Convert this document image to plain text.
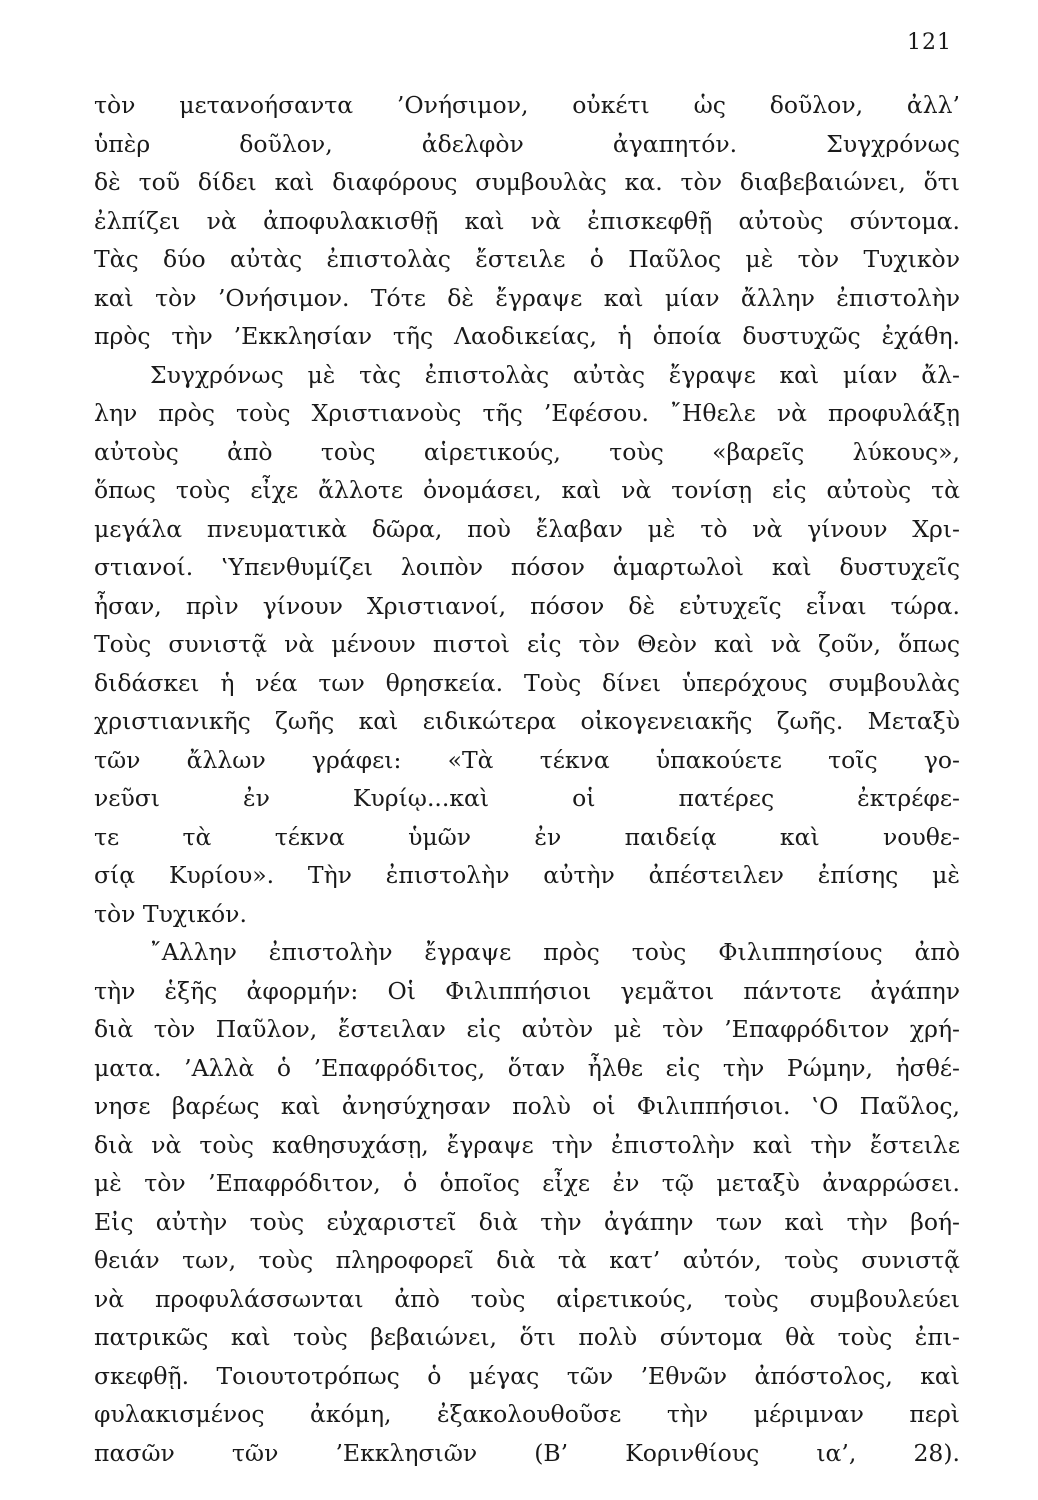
121
τὸν μετανοήσαντα ’Ονήσιμον, οὐκέτι ὡς δοῦλον, ἀλλ’
ὑπὲρ δοῦλον, ἀδελφὸν ἀγαπητόν. Συγχρόνως
δὲ τοῦ δίδει καὶ διαφόρους συμβουλὰς κα. τὸν διαβεβαιώνει, ὅτι
ἐλπίζει νὰ ἀποφυλακισθῇ καὶ νὰ ἐπισκεφθῇ αὐτοὺς σύντομα.
Τὰς δύο αὐτὰς ἐπιστολὰς ἔστειλε ὁ Παῦλος μὲ τὸν Τυχικὸν
καὶ τὸν ’Ονήσιμον. Τότε δὲ ἔγραψε καὶ μίαν ἄλλην ἐπιστολὴν
πρὸς τὴν ’Εκκλησίαν τῆς Λαοδικείας, ἡ ὁποία δυστυχῶς ἐχάθη.
Συγχρόνως μὲ τὰς ἐπιστολὰς αὐτὰς ἔγραψε καὶ μίαν ἄλ-
λην πρὸς τοὺς Χριστιανοὺς τῆς ’Εφέσου. ῎Ηθελε νὰ προφυλάξῃ
αὐτοὺς ἀπὸ τοὺς αἱρετικούς, τοὺς «βαρεῖς λύκους»,
ὅπως τοὺς εἶχε ἄλλοτε ὀνομάσει, καὶ νὰ τονίσῃ εἰς αὐτοὺς τὰ
μεγάλα πνευματικὰ δῶρα, ποὺ ἔλαβαν μὲ τὸ νὰ γίνουν Χρι-
στιανοί. ‛Υπενθυμίζει λοιπὸν πόσον ἁμαρτωλοὶ καὶ δυστυχεῖς
ἦσαν, πρὶν γίνουν Χριστιανοί, πόσον δὲ εὐτυχεῖς εἶναι τώρα.
Τοὺς συνιστᾷ νὰ μένουν πιστοὶ εἰς τὸν Θεὸν καὶ νὰ ζοῦν, ὅπως
διδάσκει ἡ νέα των θρησκεία. Τοὺς δίνει ὑπερόχους συμβουλὰς
χριστιανικῆς ζωῆς καὶ ειδικώτερα οἰκογενειακῆς ζωῆς. Μεταξὺ
τῶν ἄλλων γράφει: «Τὰ τέκνα ὑπακούετε τοῖς γο-
νεῦσι ἐν Κυρίῳ...καὶ οἱ πατέρες ἐκτρέφε-
τε τὰ τέκνα ὑμῶν ἐν παιδείᾳ καὶ νουθε-
σίᾳ Κυρίου». Τὴν ἐπιστολὴν αὐτὴν ἀπέστειλεν ἐπίσης μὲ
τὸν Τυχικόν.
῎Αλλην ἐπιστολὴν ἔγραψε πρὸς τοὺς Φιλιππησίους ἀπὸ
τὴν ἑξῆς ἀφορμήν: Οἱ Φιλιππήσιοι γεμᾶτοι πάντοτε ἀγάπην
διὰ τὸν Παῦλον, ἔστειλαν εἰς αὐτὸν μὲ τὸν ’Επαφρόδιτον χρή-
ματα. ’Αλλὰ ὁ ’Επαφρόδιτος, ὅταν ἦλθε εἰς τὴν Ρώμην, ἠσθέ-
νησε βαρέως καὶ ἀνησύχησαν πολὺ οἱ Φιλιππήσιοι. ‛Ο Παῦλος,
διὰ νὰ τοὺς καθησυχάσῃ, ἔγραψε τὴν ἐπιστολὴν καὶ τὴν ἔστειλε
μὲ τὸν ’Επαφρόδιτον, ὁ ὁποῖος εἶχε ἐν τῷ μεταξὺ ἀναρρώσει.
Εἰς αὐτὴν τοὺς εὐχαριστεῖ διὰ τὴν ἀγάπην των καὶ τὴν βοή-
θειάν των, τοὺς πληροφορεῖ διὰ τὰ κατ’ αὐτόν, τοὺς συνιστᾷ
νὰ προφυλάσσωνται ἀπὸ τοὺς αἱρετικούς, τοὺς συμβουλεύει
πατρικῶς καὶ τοὺς βεβαιώνει, ὅτι πολὺ σύντομα θὰ τοὺς ἐπι-
σκεφθῇ. Τοιουτοτρόπως ὁ μέγας τῶν ’Εθνῶν ἀπόστολος, καὶ
φυλακισμένος ἀκόμη, ἐξακολουθοῦσε τὴν μέριμναν περὶ
πασῶν τῶν ’Εκκλησιῶν (Β’ Κορινθίους ια’, 28).
